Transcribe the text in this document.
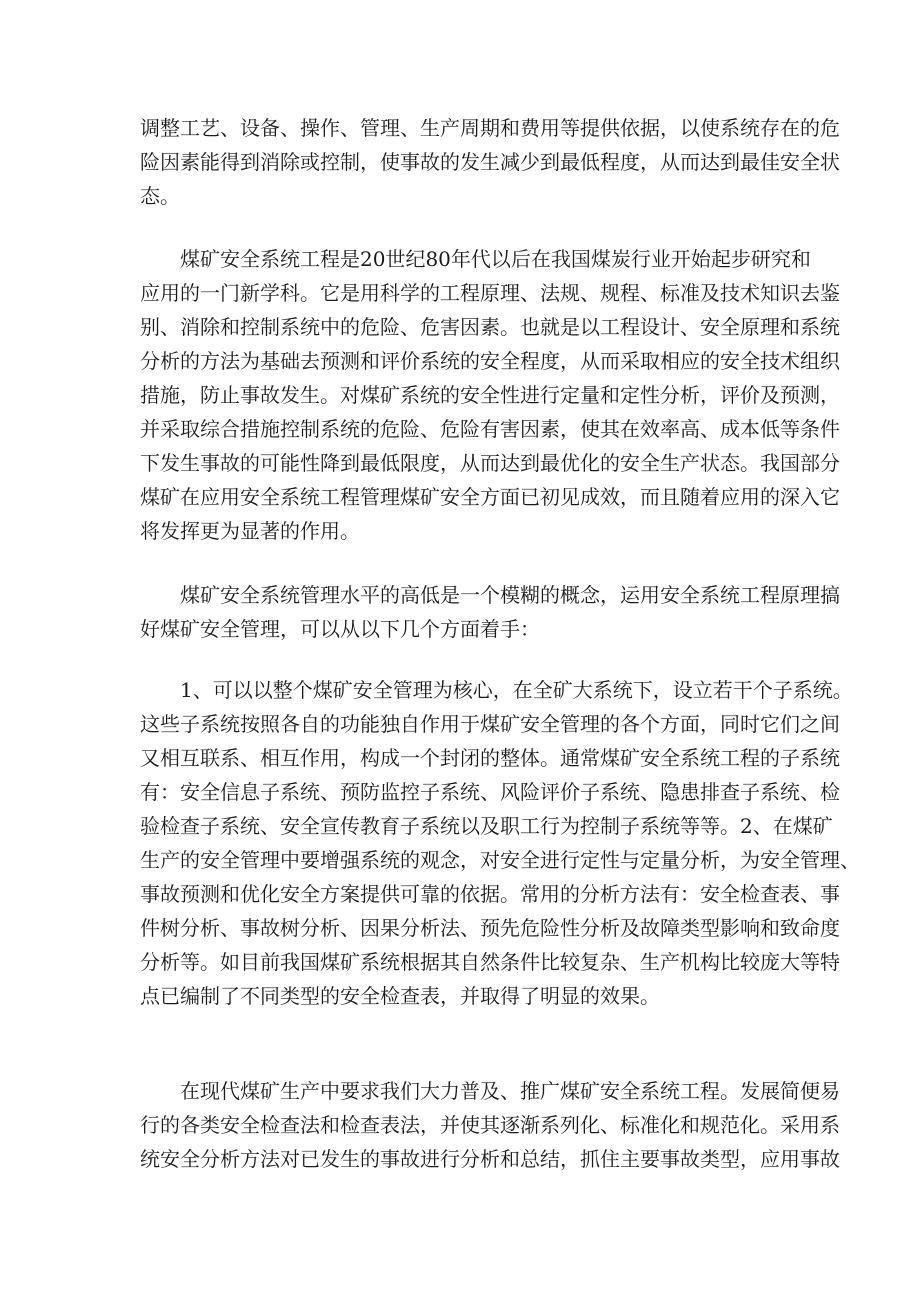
调整工艺、设备、操作、管理、生产周期和费用等提供依据，以使系统存在的危
险因素能得到消除或控制，使事故的发生减少到最低程度，从而达到最佳安全状
态。
　　煤矿安全系统工程是20世纪80年代以后在我国煤炭行业开始起步研究和
应用的一门新学科。它是用科学的工程原理、法规、规程、标准及技术知识去鉴
别、消除和控制系统中的危险、危害因素。也就是以工程设计、安全原理和系统
分析的方法为基础去预测和评价系统的安全程度，从而采取相应的安全技术组织
措施，防止事故发生。对煤矿系统的安全性进行定量和定性分析，评价及预测，
并采取综合措施控制系统的危险、危险有害因素，使其在效率高、成本低等条件
下发生事故的可能性降到最低限度，从而达到最优化的安全生产状态。我国部分
煤矿在应用安全系统工程管理煤矿安全方面已初见成效，而且随着应用的深入它
将发挥更为显著的作用。
　　煤矿安全系统管理水平的高低是一个模糊的概念，运用安全系统工程原理搞
好煤矿安全管理，可以从以下几个方面着手：
　　1、可以以整个煤矿安全管理为核心，在全矿大系统下，设立若干个子系统。
这些子系统按照各自的功能独自作用于煤矿安全管理的各个方面，同时它们之间
又相互联系、相互作用，构成一个封闭的整体。通常煤矿安全系统工程的子系统
有：安全信息子系统、预防监控子系统、风险评价子系统、隐患排查子系统、检
验检查子系统、安全宣传教育子系统以及职工行为控制子系统等等。2、在煤矿
生产的安全管理中要增强系统的观念，对安全进行定性与定量分析，为安全管理、
事故预测和优化安全方案提供可靠的依据。常用的分析方法有：安全检查表、事
件树分析、事故树分析、因果分析法、预先危险性分析及故障类型影响和致命度
分析等。如目前我国煤矿系统根据其自然条件比较复杂、生产机构比较庞大等特
点已编制了不同类型的安全检查表，并取得了明显的效果。
　　在现代煤矿生产中要求我们大力普及、推广煤矿安全系统工程。发展简便易
行的各类安全检查法和检查表法，并使其逐渐系列化、标准化和规范化。采用系
统安全分析方法对已发生的事故进行分析和总结，抓住主要事故类型，应用事故
